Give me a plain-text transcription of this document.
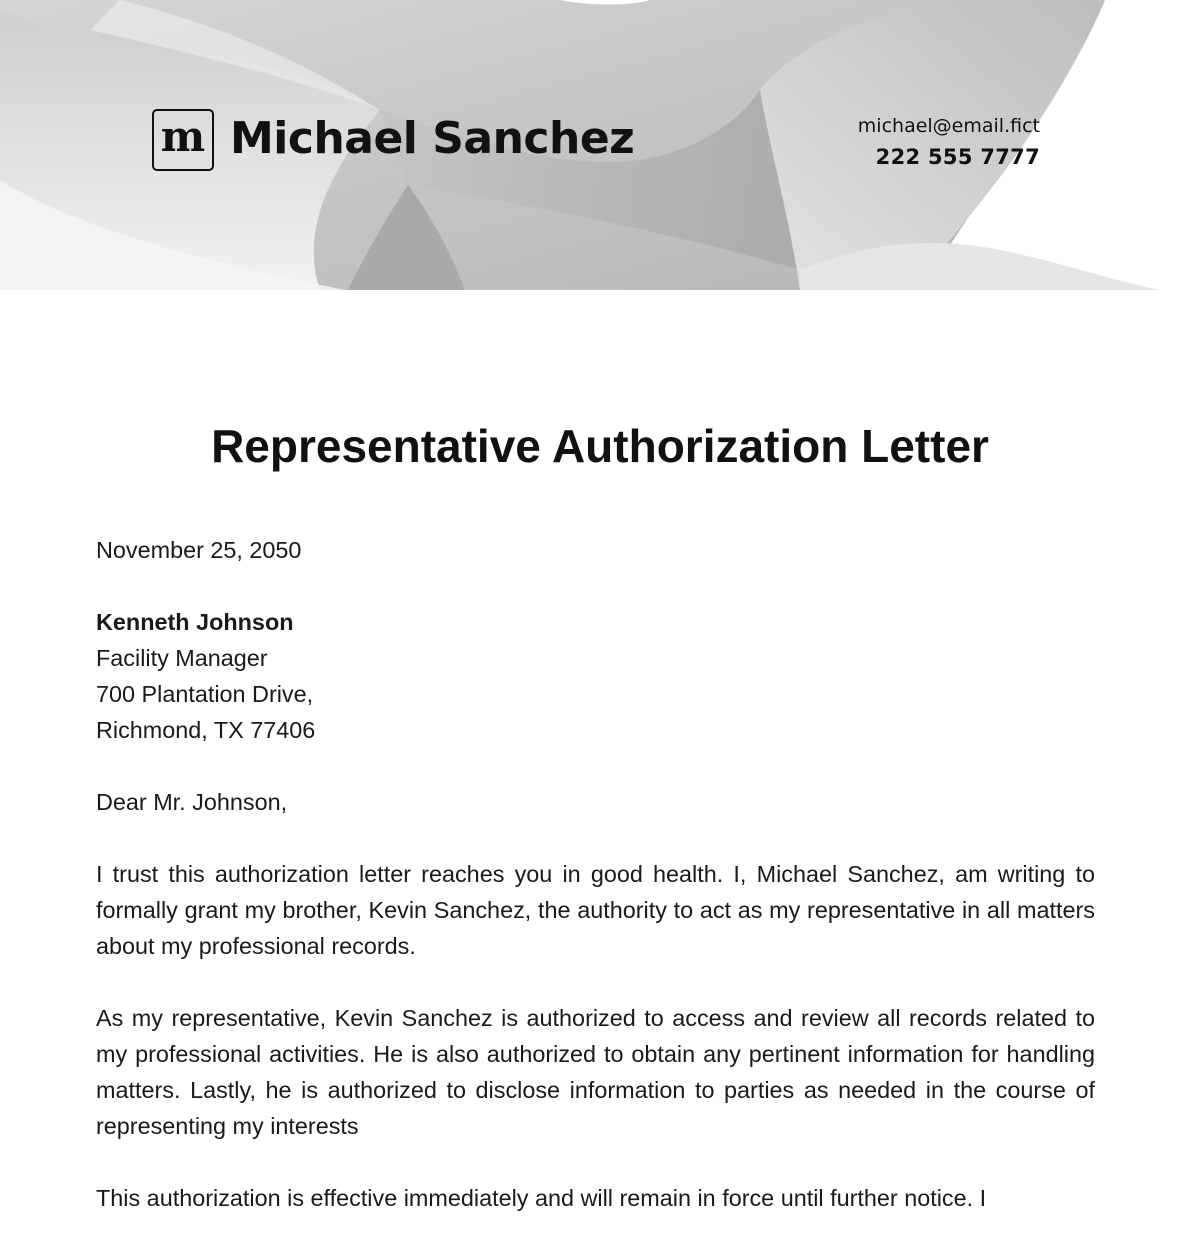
m Michael Sanchez	michael@email.fict
222 555 7777
Representative Authorization Letter
November 25, 2050
Kenneth Johnson
Facility Manager
700 Plantation Drive,
Richmond, TX 77406
Dear Mr. Johnson,

I trust this authorization letter reaches you in good health. I, Michael Sanchez, am writing to formally grant my brother, Kevin Sanchez, the authority to act as my representative in all matters about my professional records.

As my representative, Kevin Sanchez is authorized to access and review all records related to my professional activities. He is also authorized to obtain any pertinent information for handling matters. Lastly, he is authorized to disclose information to parties as needed in the course of representing my interests

This authorization is effective immediately and will remain in force until further notice. I
